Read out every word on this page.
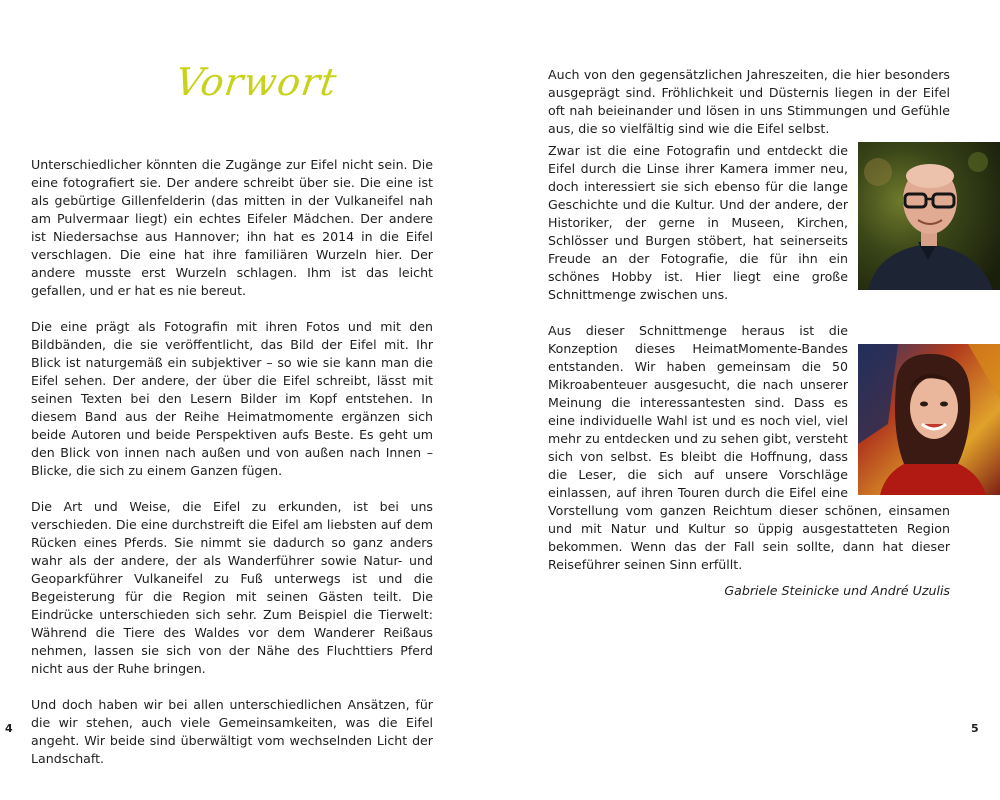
Vorwort

Unterschiedlicher könnten die Zugänge zur Eifel nicht sein. Die eine fotografiert sie. Der andere schreibt über sie. Die eine ist als gebürtige Gillenfelderin (das mitten in der Vulkaneifel nah am Pulvermaar liegt) ein echtes Eifeler Mädchen. Der andere ist Niedersachse aus Hannover; ihn hat es 2014 in die Eifel verschlagen. Die eine hat ihre familiären Wurzeln hier. Der andere musste erst Wurzeln schlagen. Ihm ist das leicht gefallen, und er hat es nie bereut.

Die eine prägt als Fotografin mit ihren Fotos und mit den Bildbänden, die sie veröffentlicht, das Bild der Eifel mit. Ihr Blick ist naturgemäß ein subjektiver – so wie sie kann man die Eifel sehen. Der andere, der über die Eifel schreibt, lässt mit seinen Texten bei den Lesern Bilder im Kopf entstehen. In diesem Band aus der Reihe Heimatmomente ergänzen sich beide Autoren und beide Perspektiven aufs Beste. Es geht um den Blick von innen nach außen und von außen nach Innen – Blicke, die sich zu einem Ganzen fügen.

Die Art und Weise, die Eifel zu erkunden, ist bei uns verschieden. Die eine durchstreift die Eifel am liebsten auf dem Rücken eines Pferds. Sie nimmt sie dadurch so ganz anders wahr als der andere, der als Wanderführer sowie Natur- und Geoparkführer Vulkaneifel zu Fuß unterwegs ist und die Begeisterung für die Region mit seinen Gästen teilt. Die Eindrücke unterschieden sich sehr. Zum Beispiel die Tierwelt: Während die Tiere des Waldes vor dem Wanderer Reißaus nehmen, lassen sie sich von der Nähe des Fluchttiers Pferd nicht aus der Ruhe bringen.

Und doch haben wir bei allen unterschiedlichen Ansätzen, für die wir stehen, auch viele Gemeinsamkeiten, was die Eifel angeht. Wir beide sind überwältigt vom wechselnden Licht der Landschaft.

4

Auch von den gegensätzlichen Jahreszeiten, die hier besonders ausgeprägt sind. Fröhlichkeit und Düsternis liegen in der Eifel oft nah beieinander und lösen in uns Stimmungen und Gefühle aus, die so vielfältig sind wie die Eifel selbst.

Zwar ist die eine Fotografin und entdeckt die Eifel durch die Linse ihrer Kamera immer neu, doch interessiert sie sich ebenso für die lange Geschichte und die Kultur. Und der andere, der Historiker, der gerne in Museen, Kirchen, Schlösser und Burgen stöbert, hat seinerseits Freude an der Fotografie, die für ihn ein schönes Hobby ist. Hier liegt eine große Schnittmenge zwischen uns.

Aus dieser Schnittmenge heraus ist die Konzeption dieses HeimatMomente-Bandes entstanden. Wir haben gemeinsam die 50 Mikroabenteuer ausgesucht, die nach unserer Meinung die interessantesten sind. Dass es eine individuelle Wahl ist und es noch viel, viel mehr zu entdecken und zu sehen gibt, versteht sich von selbst. Es bleibt die Hoffnung, dass die Leser, die sich auf unsere Vorschläge einlassen, auf ihren Touren durch die Eifel eine Vorstellung vom ganzen Reichtum dieser schönen, einsamen und mit Natur und Kultur so üppig ausgestatteten Region bekommen. Wenn das der Fall sein sollte, dann hat dieser Reiseführer seinen Sinn erfüllt.

Gabriele Steinicke und André Uzulis
5
